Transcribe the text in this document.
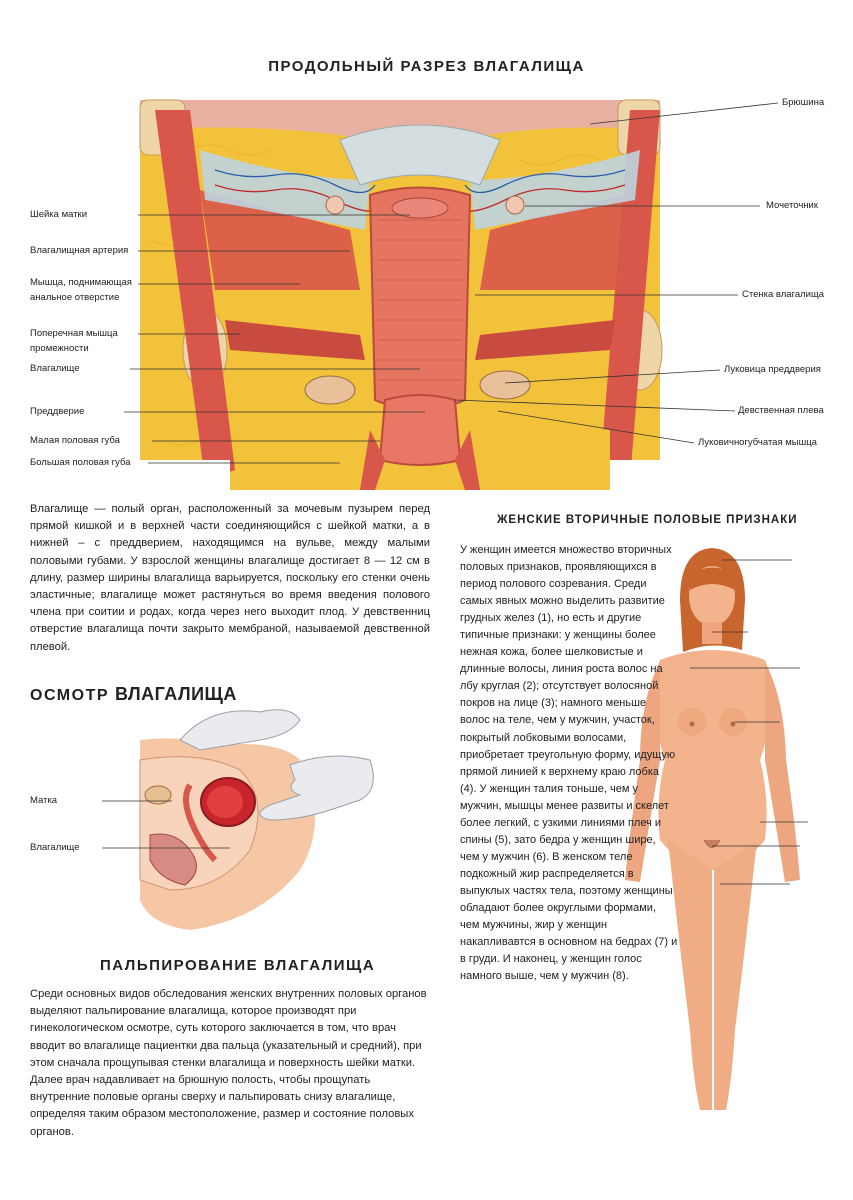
ПРОДОЛЬНЫЙ РАЗРЕЗ ВЛАГАЛИЩА
Шейка матки
Влагалищная артерия
Мышца, поднимающая
анальное отверстие
Поперечная мышца
промежности
Влагалище
Преддверие
Малая половая губа
Большая половая губа
Брюшина
Мочеточник
Стенка влагалища
Луковица преддверия
Девственная плева
Луковичногубчатая мышца
Влагалище — полый орган, расположенный за мочевым пузырем перед прямой кишкой и в верхней части соединяющийся с шейкой матки, а в нижней – с преддверием, находящимся на вульве, между малыми половыми губами. У взрослой женщины влагалище достигает 8 — 12 см в длину, размер ширины влагалища варьируется, поскольку его стенки очень эластичные; влагалище может растянуться во время введения полового члена при соитии и родах, когда через него выходит плод. У девственниц отверстие влагалища почти закрыто мембраной, называемой девственной плевой.
ОСМОТР ВЛАГАЛИЩА
Матка
Влагалище
ПАЛЬПИРОВАНИЕ ВЛАГАЛИЩА
Среди основных видов обследования женских внутренних половых органов выделяют пальпирование влагалища, которое производят при гинекологическом осмотре, суть которого заключается в том, что врач вводит во влагалище пациентки два пальца (указательный и средний), при этом сначала прощупывая стенки влагалища и поверхность шейки матки. Далее врач надавливает на брюшную полость, чтобы прощупать внутренние половые органы сверху и пальпировать снизу влагалище, определяя таким образом местоположение, размер и состояние половых органов.
ЖЕНСКИЕ ВТОРИЧНЫЕ ПОЛОВЫЕ ПРИЗНАКИ
У женщин имеется множество вторичных половых признаков, проявляющихся в период полового созревания. Среди самых явных можно выделить развитие грудных желез (1), но есть и другие типичные признаки: у женщины более нежная кожа, более шелковистые и длинные волосы, линия роста волос на лбу круглая (2); отсутствует волосяной покров на лице (3); намного меньше волос на теле, чем у мужчин, участок, покрытый лобковыми волосами, приобретает треугольную форму, идущую прямой линией к верхнему краю лобка (4). У женщин талия тоньше, чем у мужчин, мышцы менее развиты и скелет более легкий, с узкими линиями плеч и спины (5), зато бедра у женщин шире, чем у мужчин (6). В женском теле подкожный жир распределяется в выпуклых частях тела, поэтому женщины обладают более округлыми формами, чем мужчины, жир у женщин накапливавтся в основном на бедрах (7) и в груди. И наконец, у женщин голос намного выше, чем у мужчин (8).
